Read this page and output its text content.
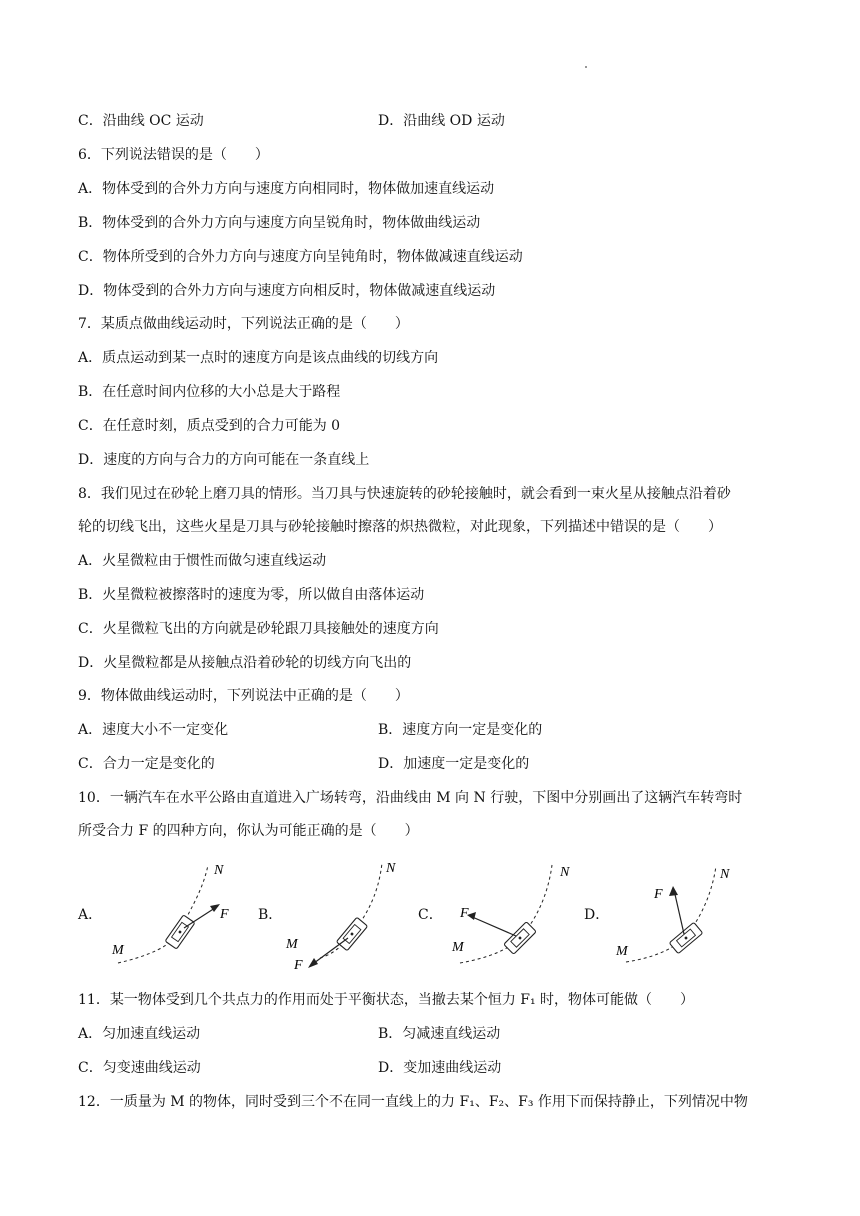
C．沿曲线 OC 运动	D．沿曲线 OD 运动
6．下列说法错误的是（　　）
A．物体受到的合外力方向与速度方向相同时，物体做加速直线运动
B．物体受到的合外力方向与速度方向呈锐角时，物体做曲线运动
C．物体所受到的合外力方向与速度方向呈钝角时，物体做减速直线运动
D．物体受到的合外力方向与速度方向相反时，物体做减速直线运动
7．某质点做曲线运动时，下列说法正确的是（　　）
A．质点运动到某一点时的速度方向是该点曲线的切线方向
B．在任意时间内位移的大小总是大于路程
C．在任意时刻，质点受到的合力可能为 0
D．速度的方向与合力的方向可能在一条直线上
8．我们见过在砂轮上磨刀具的情形。当刀具与快速旋转的砂轮接触时，就会看到一束火星从接触点沿着砂
轮的切线飞出，这些火星是刀具与砂轮接触时擦落的炽热微粒，对此现象，下列描述中错误的是（　　）
A．火星微粒由于惯性而做匀速直线运动
B．火星微粒被擦落时的速度为零，所以做自由落体运动
C．火星微粒飞出的方向就是砂轮跟刀具接触处的速度方向
D．火星微粒都是从接触点沿着砂轮的切线方向飞出的
9．物体做曲线运动时，下列说法中正确的是（　　）
A．速度大小不一定变化	B．速度方向一定是变化的
C．合力一定是变化的	D．加速度一定是变化的
10．一辆汽车在水平公路由直道进入广场转弯，沿曲线由 M 向 N 行驶，下图中分别画出了这辆汽车转弯时
所受合力 F 的四种方向，你认为可能正确的是（　　）
A．	F
N
M
B．
N
M
F
C．
N
M
F	D．
N
M
F
11．某一物体受到几个共点力的作用而处于平衡状态，当撤去某个恒力 F₁ 时，物体可能做（　　）
A．匀加速直线运动	B．匀减速直线运动
C．匀变速曲线运动	D．变加速曲线运动
12．一质量为 M 的物体，同时受到三个不在同一直线上的力 F₁、F₂、F₃ 作用下而保持静止，下列情况中物
